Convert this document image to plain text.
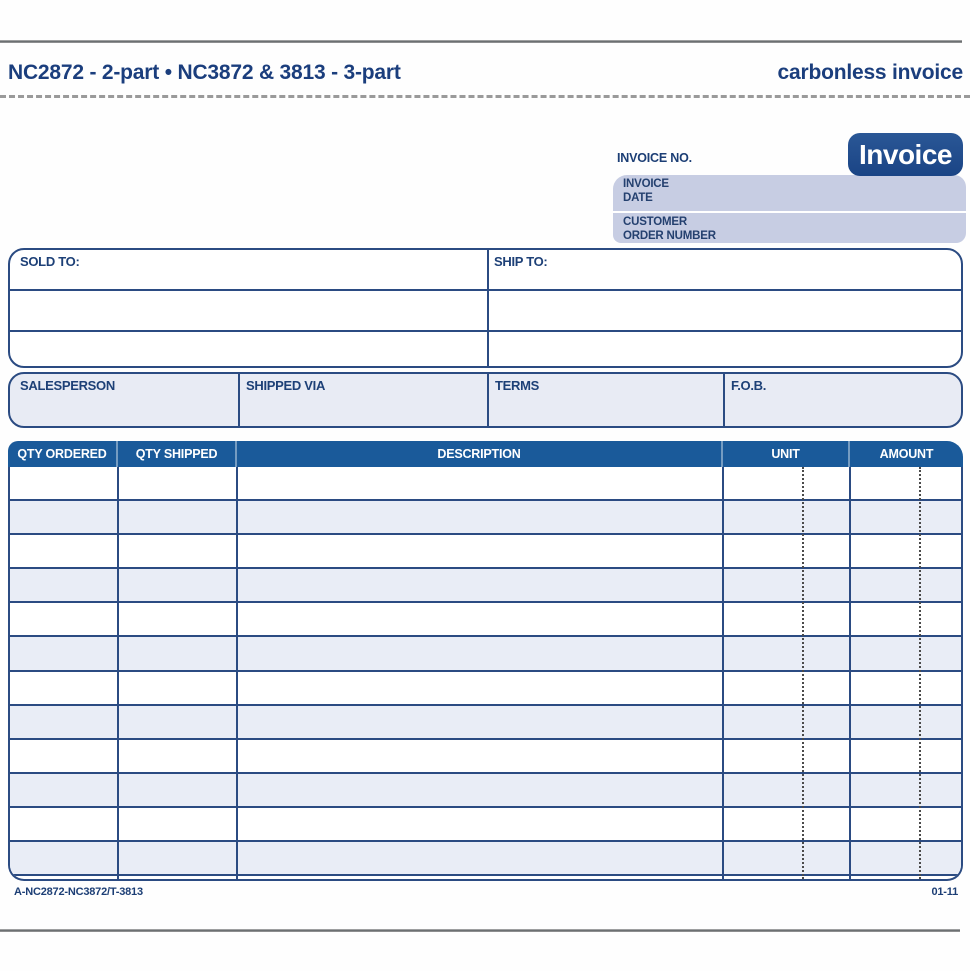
NC2872 - 2-part • NC3872 & 3813 - 3-part	carbonless invoice
INVOICE NO.	Invoice
INVOICE
DATE
CUSTOMER
ORDER NUMBER
SOLD TO:	SHIP TO:
SALESPERSON	SHIPPED VIA	TERMS	F.O.B.
QTY ORDERED	QTY SHIPPED	DESCRIPTION	UNIT	AMOUNT
A-NC2872-NC3872/T-3813	01-11
